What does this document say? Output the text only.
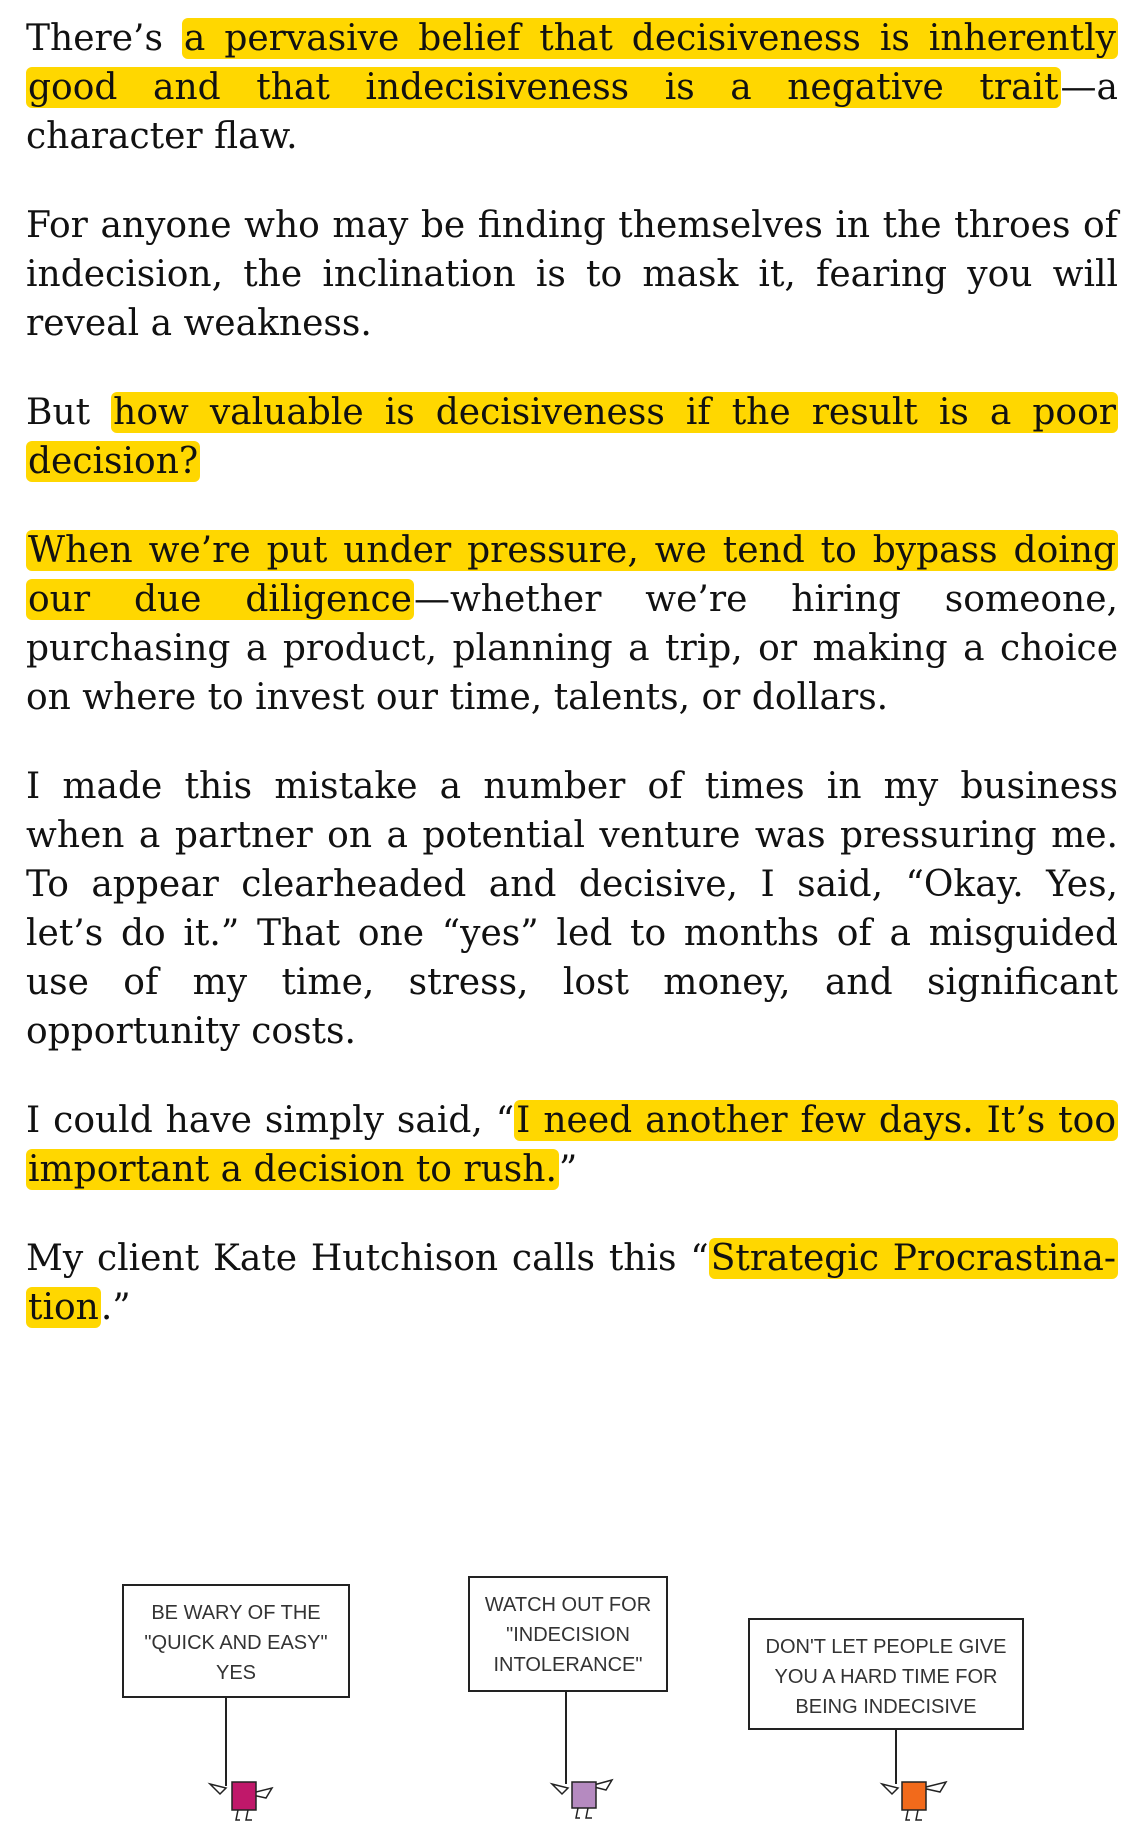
There’s a pervasive belief that decisiveness is inherently good and that indecisiveness is a negative trait—a character flaw.

For anyone who may be finding themselves in the throes of indecision, the inclination is to mask it, fearing you will reveal a weakness.

But how valuable is decisiveness if the result is a poor decision?

When we’re put under pressure, we tend to bypass doing our due diligence—whether we’re hiring someone, purchasing a product, planning a trip, or making a choice on where to invest our time, talents, or dollars.

I made this mistake a number of times in my business when a partner on a potential venture was pressuring me. To appear clearheaded and decisive, I said, “Okay. Yes, let’s do it.” That one “yes” led to months of a misguided use of my time, stress, lost money, and significant opportunity costs.

I could have simply said, “I need another few days. It’s too important a decision to rush.”

My client Kate Hutchison calls this “Strategic Procrastination.”

BE WARY OF THE
"QUICK AND EASY"
YES
WATCH OUT FOR
"INDECISION
INTOLERANCE"
DON'T LET PEOPLE GIVE
YOU A HARD TIME FOR
BEING INDECISIVE
